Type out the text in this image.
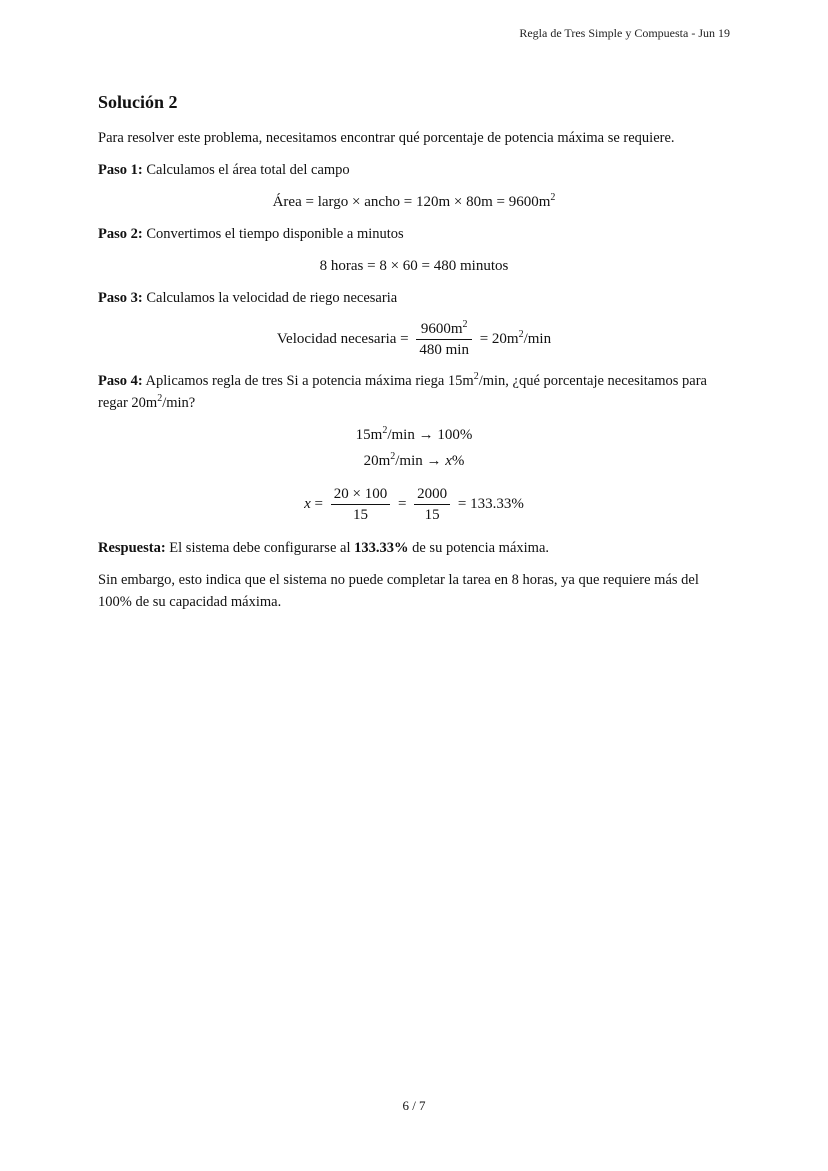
Regla de Tres Simple y Compuesta - Jun 19
Solución 2

Para resolver este problema, necesitamos encontrar qué porcentaje de potencia máxima se requiere.

Paso 1: Calculamos el área total del campo

Área = largo × ancho = $120m \times 80m = 9600m^2$

Paso 2: Convertimos el tiempo disponible a minutos

8 horas = 8 × 60 = 480 minutos

Paso 3: Calculamos la velocidad de riego necesaria

Velocidad necesaria = $\frac{9600m^2}{480 \min} = 20m^2/\min$

Paso 4: Aplicamos regla de tres Si a potencia máxima riega $15m^2/\min$, ¿qué porcentaje necesitamos para regar $20m^2/\min$?

$15m^2/\min \to 100\%$
$20m^2/\min \to x\%$
$x = \frac{20 \times 100}{15} = \frac{2000}{15} = 133.33\%$

Respuesta: El sistema debe configurarse al 133.33% de su potencia máxima.

Sin embargo, esto indica que el sistema no puede completar la tarea en 8 horas, ya que requiere más del 100% de su capacidad máxima.

6 / 7
